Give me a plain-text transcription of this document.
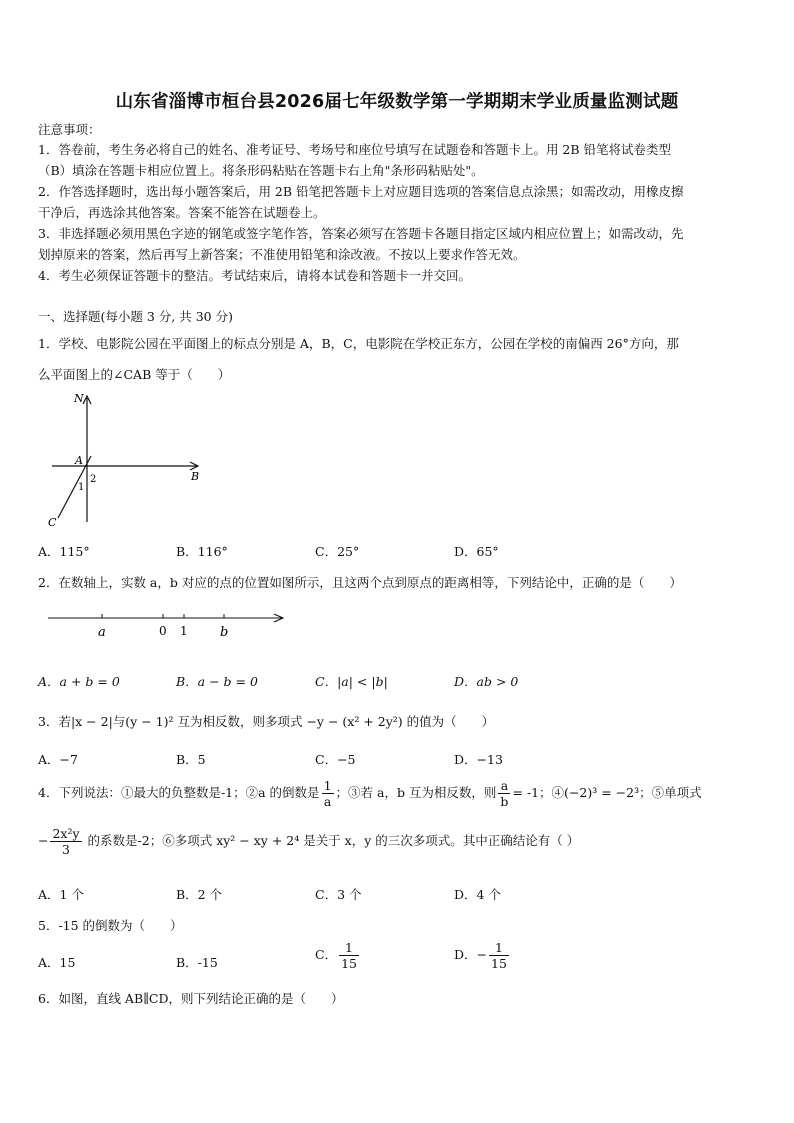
山东省淄博市桓台县2026届七年级数学第一学期期末学业质量监测试题
注意事项：
1．答卷前，考生务必将自己的姓名、准考证号、考场号和座位号填写在试题卷和答题卡上。用 2B 铅笔将试卷类型
（B）填涂在答题卡相应位置上。将条形码粘贴在答题卡右上角"条形码粘贴处"。
2．作答选择题时，选出每小题答案后，用 2B 铅笔把答题卡上对应题目选项的答案信息点涂黑；如需改动，用橡皮擦
干净后，再选涂其他答案。答案不能答在试题卷上。
3．非选择题必须用黑色字迹的钢笔或签字笔作答，答案必须写在答题卡各题目指定区域内相应位置上；如需改动，先
划掉原来的答案，然后再写上新答案；不准使用铅笔和涂改液。不按以上要求作答无效。
4．考生必须保证答题卡的整洁。考试结束后，请将本试卷和答题卡一并交回。
一、选择题(每小题 3 分, 共 30 分)
1．学校、电影院公园在平面图上的标点分别是 A，B，C，电影院在学校正东方，公园在学校的南偏西 26°方向，那
么平面图上的∠CAB 等于（　　）
N
A
B
C
1
2
A．115°	B．116°	C．25°	D．65°
2．在数轴上，实数 a，b 对应的点的位置如图所示，且这两个点到原点的距离相等，下列结论中，正确的是（　　）
a	0 1 b
A．a + b = 0	B．a − b = 0	C．|a| < |b|	D．ab > 0
3．若|x − 2|与(y − 1)² 互为相反数，则多项式 −y − (x² + 2y²) 的值为（　　）
A．−7	B．5	C．−5	D．−13
4．下列说法：①最大的负整数是-1；②a 的倒数是 $\frac{1}{a}$ ；③若 a，b 互为相反数，则 $\frac{a}{b} = -1$；④(−2)³ = −2³；⑤单项式
− $\frac{\text{2x²y}}{3}$ 的系数是-2；⑥多项式 xy² − xy + 2⁴ 是关于 x，y 的三次多项式。其中正确结论有（ ）
A．1 个	B．2 个	C．3 个	D．4 个
5．-15 的倒数为（　　）
A．15	B．-15
C． $\frac{1}{15}$	D．− $\frac{1}{15}$
6．如图，直线 AB∥CD，则下列结论正确的是（　　）
